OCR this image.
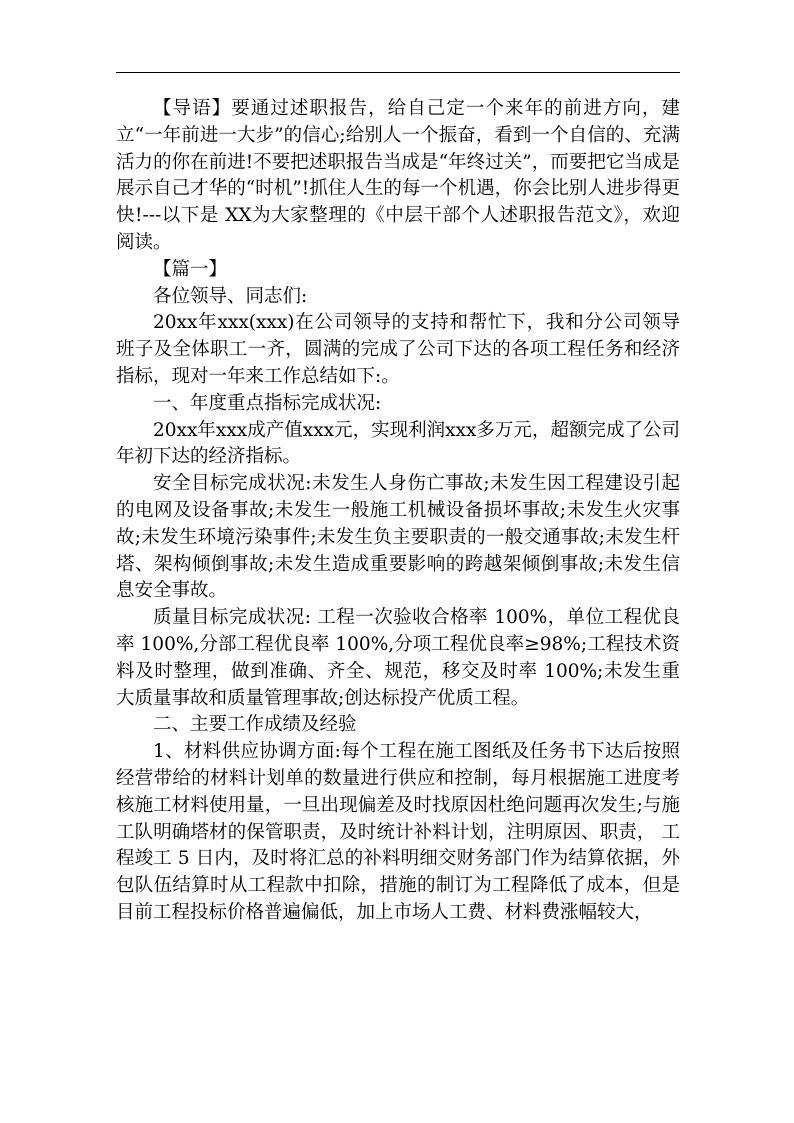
【导语】要通过述职报告，给自己定一个来年的前进方向，建立“一年前进一大步”的信心;给别人一个振奋，看到一个自信的、充满活力的你在前进!不要把述职报告当成是“年终过关”，而要把它当成是展示自己才华的“时机”!抓住人生的每一个机遇，你会比别人进步得更快!---以下是 XX为大家整理的《中层干部个人述职报告范文》，欢迎阅读。

【篇一】

各位领导、同志们:

20xx年xxx(xxx)在公司领导的支持和帮忙下，我和分公司领导班子及全体职工一齐，圆满的完成了公司下达的各项工程任务和经济指标，现对一年来工作总结如下:。

一、年度重点指标完成状况:

20xx年xxx成产值xxx元，实现利润xxx多万元，超额完成了公司年初下达的经济指标。

安全目标完成状况:未发生人身伤亡事故;未发生因工程建设引起的电网及设备事故;未发生一般施工机械设备损坏事故;未发生火灾事故;未发生环境污染事件;未发生负主要职责的一般交通事故;未发生杆塔、架构倾倒事故;未发生造成重要影响的跨越架倾倒事故;未发生信息安全事故。

质量目标完成状况: 工程一次验收合格率 100%，单位工程优良率 100%,分部工程优良率 100%,分项工程优良率≥98%;工程技术资料及时整理，做到准确、齐全、规范，移交及时率 100%;未发生重大质量事故和质量管理事故;创达标投产优质工程。

二、主要工作成绩及经验

1、材料供应协调方面:每个工程在施工图纸及任务书下达后按照经营带给的材料计划单的数量进行供应和控制，每月根据施工进度考核施工材料使用量，一旦出现偏差及时找原因杜绝问题再次发生;与施工队明确塔材的保管职责，及时统计补料计划，注明原因、职责， 工程竣工 5 日内，及时将汇总的补料明细交财务部门作为结算依据，外包队伍结算时从工程款中扣除，措施的制订为工程降低了成本，但是目前工程投标价格普遍偏低，加上市场人工费、材料费涨幅较大，
